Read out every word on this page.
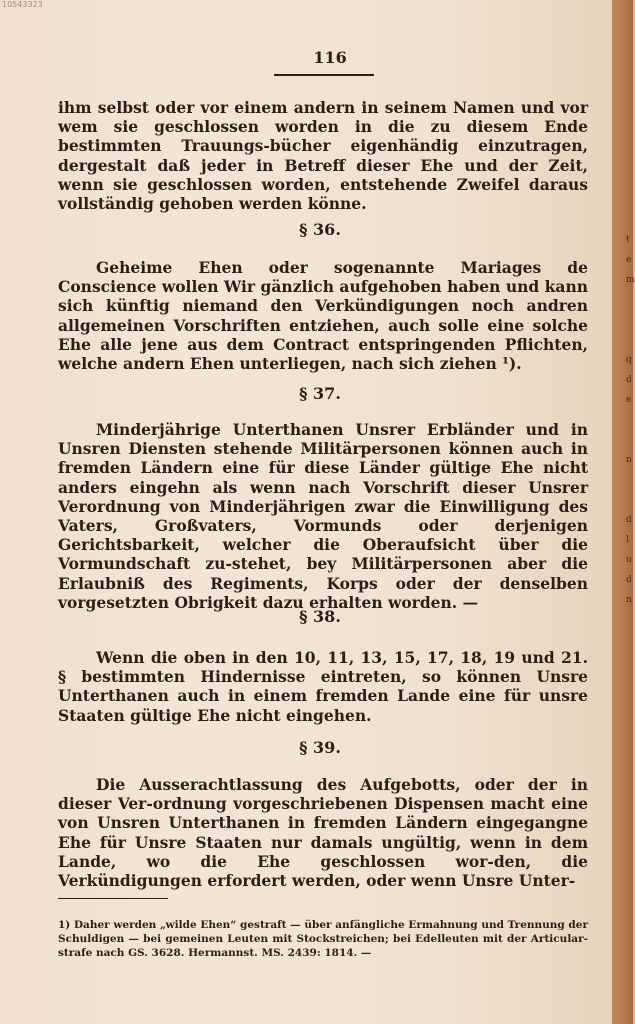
t
e
m

q
d
e

n

d
l
u
d
n
10543323
116
ihm selbst oder vor einem andern in seinem Namen und vor wem sie geschlossen worden in die zu diesem Ende bestimmten Trauungs-bücher eigenhändig einzutragen, dergestalt daß jeder in Betreff dieser Ehe und der Zeit, wenn sie geschlossen worden, entstehende Zweifel daraus vollständig gehoben werden könne.
§ 36.
Geheime Ehen oder sogenannte Mariages de Conscience wollen Wir gänzlich aufgehoben haben und kann sich künftig niemand den Verkündigungen noch andren allgemeinen Vorschriften entziehen, auch solle eine solche Ehe alle jene aus dem Contract entspringenden Pflichten, welche andern Ehen unterliegen, nach sich ziehen ¹).
§ 37.
Minderjährige Unterthanen Unsrer Erbländer und in Unsren Diensten stehende Militärpersonen können auch in fremden Ländern eine für diese Länder gültige Ehe nicht anders eingehn als wenn nach Vorschrift dieser Unsrer Verordnung von Minderjährigen zwar die Einwilligung des Vaters, Großvaters, Vormunds oder derjenigen Gerichtsbarkeit, welcher die Oberaufsicht über die Vormundschaft zu-stehet, bey Militärpersonen aber die Erlaubniß des Regiments, Korps oder der denselben vorgesetzten Obrigkeit dazu erhalten worden. —
§ 38.
Wenn die oben in den 10, 11, 13, 15, 17, 18, 19 und 21. § bestimmten Hindernisse eintreten, so können Unsre Unterthanen auch in einem fremden Lande eine für unsre Staaten gültige Ehe nicht eingehen.
§ 39.
Die Ausserachtlassung des Aufgebotts, oder der in dieser Ver-ordnung vorgeschriebenen Dispensen macht eine von Unsren Unterthanen in fremden Ländern eingegangne Ehe für Unsre Staaten nur damals ungültig, wenn in dem Lande, wo die Ehe geschlossen wor-den, die Verkündigungen erfordert werden, oder wenn Unsre Unter-
1) Daher werden „wilde Ehen“ gestraft — über anfängliche Ermahnung und Trennung der Schuldigen — bei gemeinen Leuten mit Stockstreichen; bei Edelleuten mit der Articular-strafe nach GS. 3628. Hermannst. MS. 2439: 1814. —
